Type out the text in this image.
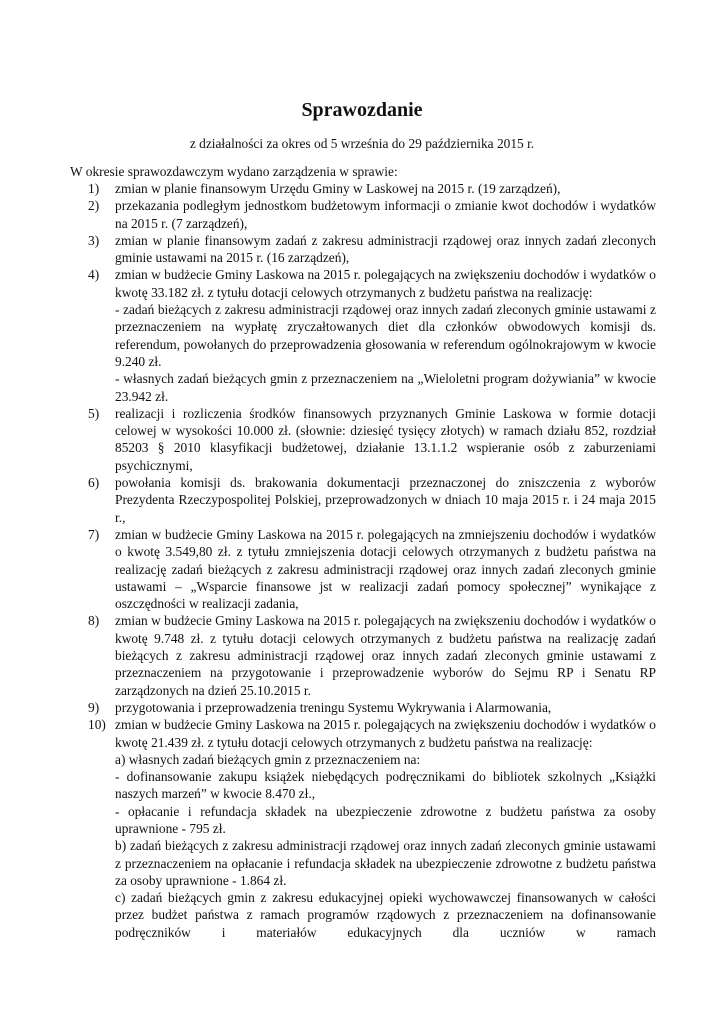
Sprawozdanie
z działalności za okres od 5 września do 29 października 2015 r.
W okresie sprawozdawczym wydano zarządzenia w sprawie:
1) zmian w planie finansowym Urzędu Gminy w Laskowej na 2015 r. (19 zarządzeń),

2) przekazania podległym jednostkom budżetowym informacji o zmianie kwot dochodów i wydatków na 2015 r. (7 zarządzeń),

3) zmian w planie finansowym zadań z zakresu administracji rządowej oraz innych zadań zleconych gminie ustawami na 2015 r. (16 zarządzeń),

4) zmian w budżecie Gminy Laskowa na 2015 r. polegających na zwiększeniu dochodów i wydatków o kwotę 33.182 zł. z tytułu dotacji celowych otrzymanych z budżetu państwa na realizację:

- zadań bieżących z zakresu administracji rządowej oraz innych zadań zleconych gminie ustawami z przeznaczeniem na wypłatę zryczałtowanych diet dla członków obwodowych komisji ds. referendum, powołanych do przeprowadzenia głosowania w referendum ogólnokrajowym w kwocie 9.240 zł.

- własnych zadań bieżących gmin z przeznaczeniem na „Wieloletni program dożywiania” w kwocie 23.942 zł.

5) realizacji i rozliczenia środków finansowych przyznanych Gminie Laskowa w formie dotacji celowej w wysokości 10.000 zł. (słownie: dziesięć tysięcy złotych) w ramach działu 852, rozdział 85203 § 2010 klasyfikacji budżetowej, działanie 13.1.1.2 wspieranie osób z zaburzeniami psychicznymi,

6) powołania komisji ds. brakowania dokumentacji przeznaczonej do zniszczenia z wyborów Prezydenta Rzeczypospolitej Polskiej, przeprowadzonych w dniach 10 maja 2015 r. i 24 maja 2015 r.,

7) zmian w budżecie Gminy Laskowa na 2015 r. polegających na zmniejszeniu dochodów i wydatków o kwotę 3.549,80 zł. z tytułu zmniejszenia dotacji celowych otrzymanych z budżetu państwa na realizację zadań bieżących z zakresu administracji rządowej oraz innych zadań zleconych gminie ustawami – „Wsparcie finansowe jst w realizacji zadań pomocy społecznej” wynikające z oszczędności w realizacji zadania,

8) zmian w budżecie Gminy Laskowa na 2015 r. polegających na zwiększeniu dochodów i wydatków o kwotę 9.748 zł. z tytułu dotacji celowych otrzymanych z budżetu państwa na realizację zadań bieżących z zakresu administracji rządowej oraz innych zadań zleconych gminie ustawami z przeznaczeniem na przygotowanie i przeprowadzenie wyborów do Sejmu RP i Senatu RP zarządzonych na dzień 25.10.2015 r.

9) przygotowania i przeprowadzenia treningu Systemu Wykrywania i Alarmowania,

10) zmian w budżecie Gminy Laskowa na 2015 r. polegających na zwiększeniu dochodów i wydatków o kwotę 21.439 zł. z tytułu dotacji celowych otrzymanych z budżetu państwa na realizację:

a) własnych zadań bieżących gmin z przeznaczeniem na:

- dofinansowanie zakupu książek niebędących podręcznikami do bibliotek szkolnych „Książki naszych marzeń” w kwocie 8.470 zł.,

- opłacanie i refundacja składek na ubezpieczenie zdrowotne z budżetu państwa za osoby uprawnione - 795 zł.

b) zadań bieżących z zakresu administracji rządowej oraz innych zadań zleconych gminie ustawami z przeznaczeniem na opłacanie i refundacja składek na ubezpieczenie zdrowotne z budżetu państwa za osoby uprawnione - 1.864 zł.

c) zadań bieżących gmin z zakresu edukacyjnej opieki wychowawczej finansowanych w całości przez budżet państwa z ramach programów rządowych z przeznaczeniem na dofinansowanie podręczników i materiałów edukacyjnych dla uczniów w ramach
